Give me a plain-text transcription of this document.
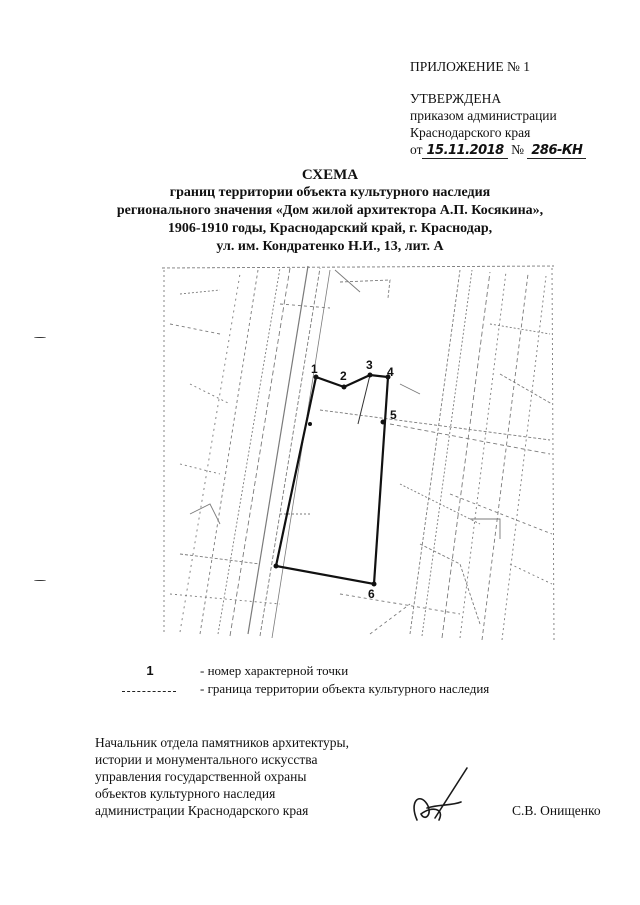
ПРИЛОЖЕНИЕ № 1
УТВЕРЖДЕНА
приказом администрации
Краснодарского края
от 15.11.2018 № 286-КН
СХЕМА
границ территории объекта культурного наследия
регионального значения «Дом жилой архитектора А.П. Косякина»,
1906-1910 годы, Краснодарский край, г. Краснодар,
ул. им. Кондратенко Н.И., 13, лит. А
1 2
3 4
5
6
1	- номер характерной точки
- граница территории объекта культурного наследия
Начальник отдела памятников архитектуры,
истории и монументального искусства
управления государственной охраны
объектов культурного наследия
администрации Краснодарского края	С.В. Онищенко
